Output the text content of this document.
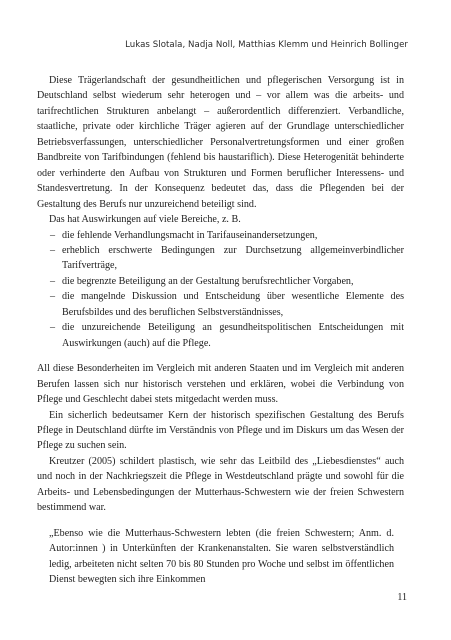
Lukas Slotala, Nadja Noll, Matthias Klemm und Heinrich Bollinger

Diese Trägerlandschaft der gesundheitlichen und pflegerischen Versorgung ist in Deutschland selbst wiederum sehr heterogen und – vor allem was die arbeits- und tarifrechtlichen Strukturen anbelangt – außerordentlich differenziert. Verbandliche, staatliche, private oder kirchliche Träger agieren auf der Grundlage unterschiedlicher Betriebsverfassungen, unterschiedlicher Personalvertretungsformen und einer großen Bandbreite von Tarifbindungen (fehlend bis haustariflich). Diese Heterogenität behinderte oder verhinderte den Aufbau von Strukturen und Formen beruflicher Interessens- und Standesvertretung. In der Konsequenz bedeutet das, dass die Pflegenden bei der Gestaltung des Berufs nur unzureichend beteiligt sind.

Das hat Auswirkungen auf viele Bereiche, z. B.

– die fehlende Verhandlungsmacht in Tarifauseinandersetzungen,
– erheblich erschwerte Bedingungen zur Durchsetzung allgemeinverbindlicher Tarifverträge,
– die begrenzte Beteiligung an der Gestaltung berufsrechtlicher Vorgaben,
– die mangelnde Diskussion und Entscheidung über wesentliche Elemente des Berufsbildes und des beruflichen Selbstverständnisses,
– die unzureichende Beteiligung an gesundheitspolitischen Entscheidungen mit Auswirkungen (auch) auf die Pflege.

All diese Besonderheiten im Vergleich mit anderen Staaten und im Vergleich mit anderen Berufen lassen sich nur historisch verstehen und erklären, wobei die Verbindung von Pflege und Geschlecht dabei stets mitgedacht werden muss.

Ein sicherlich bedeutsamer Kern der historisch spezifischen Gestaltung des Berufs Pflege in Deutschland dürfte im Verständnis von Pflege und im Diskurs um das Wesen der Pflege zu suchen sein.

Kreutzer (2005) schildert plastisch, wie sehr das Leitbild des „Liebesdienstes“ auch und noch in der Nachkriegszeit die Pflege in Westdeutschland prägte und sowohl für die Arbeits- und Lebensbedingungen der Mutterhaus-Schwestern wie der freien Schwestern bestimmend war.

„Ebenso wie die Mutterhaus-Schwestern lebten (die freien Schwestern; Anm. d. Autor:innen ) in Unterkünften der Krankenanstalten. Sie waren selbstverständlich ledig, arbeiteten nicht selten 70 bis 80 Stunden pro Woche und selbst im öffentlichen Dienst bewegten sich ihre Einkommen

11
